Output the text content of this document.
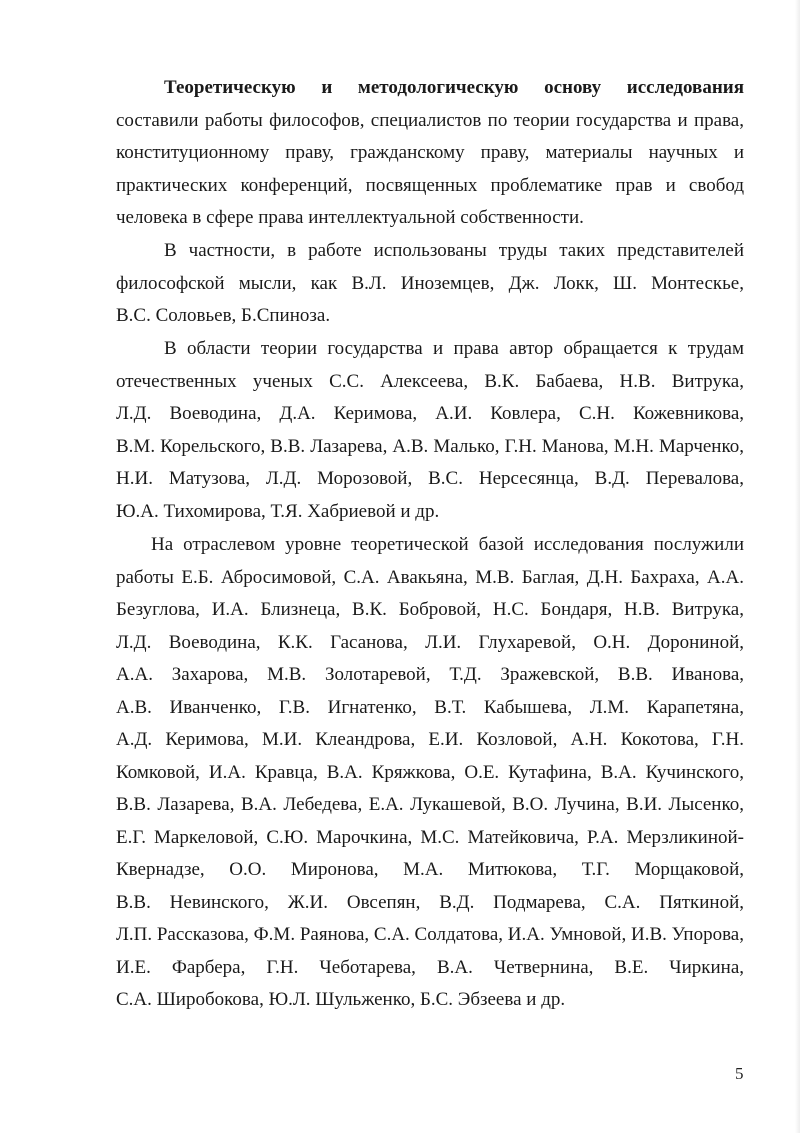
Теоретическую и методологическую основу исследования
составили работы философов, специалистов по теории государства и права,
конституционному праву, гражданскому праву, материалы научных и
практических конференций, посвященных проблематике прав и свобод
человека в сфере права интеллектуальной собственности.
В частности, в работе использованы труды таких представителей
философской мысли, как В.Л. Иноземцев, Дж. Локк, Ш. Монтескье,
В.С. Соловьев, Б.Спиноза.
В области теории государства и права автор обращается к трудам
отечественных ученых С.С. Алексеева, В.К. Бабаева, Н.В. Витрука,
Л.Д. Воеводина, Д.А. Керимова, А.И. Ковлера, С.Н. Кожевникова,
В.М. Корельского, В.В. Лазарева, А.В. Малько, Г.Н. Манова, М.Н. Марченко,
Н.И. Матузова, Л.Д. Морозовой, В.С. Нерсесянца, В.Д. Перевалова,
Ю.А. Тихомирова, Т.Я. Хабриевой и др.
На отраслевом уровне теоретической базой исследования послужили
работы Е.Б. Абросимовой, С.А. Авакьяна, М.В. Баглая, Д.Н. Бахраха, А.А.
Безуглова, И.А. Близнеца, В.К. Бобровой, Н.С. Бондаря, Н.В. Витрука,
Л.Д. Воеводина, К.К. Гасанова, Л.И. Глухаревой, О.Н. Дорониной,
А.А. Захарова, М.В. Золотаревой, Т.Д. Зражевской, В.В. Иванова,
А.В. Иванченко, Г.В. Игнатенко, В.Т. Кабышева, Л.М. Карапетяна,
А.Д. Керимова, М.И. Клеандрова, Е.И. Козловой, А.Н. Кокотова, Г.Н.
Комковой, И.А. Кравца, В.А. Кряжкова, О.Е. Кутафина, В.А. Кучинского,
В.В. Лазарева, В.А. Лебедева, Е.А. Лукашевой, В.О. Лучина, В.И. Лысенко,
Е.Г. Маркеловой, С.Ю. Марочкина, М.С. Матейковича, Р.А. Мерзликиной-
Квернадзе, О.О. Миронова, М.А. Митюкова, Т.Г. Морщаковой,
В.В. Невинского, Ж.И. Овсепян, В.Д. Подмарева, С.А. Пяткиной,
Л.П. Рассказова, Ф.М. Раянова, С.А. Солдатова, И.А. Умновой, И.В. Упорова,
И.Е. Фарбера, Г.Н. Чеботарева, В.А. Четвернина, В.Е. Чиркина,
С.А. Широбокова, Ю.Л. Шульженко, Б.С. Эбзеева и др.
5
